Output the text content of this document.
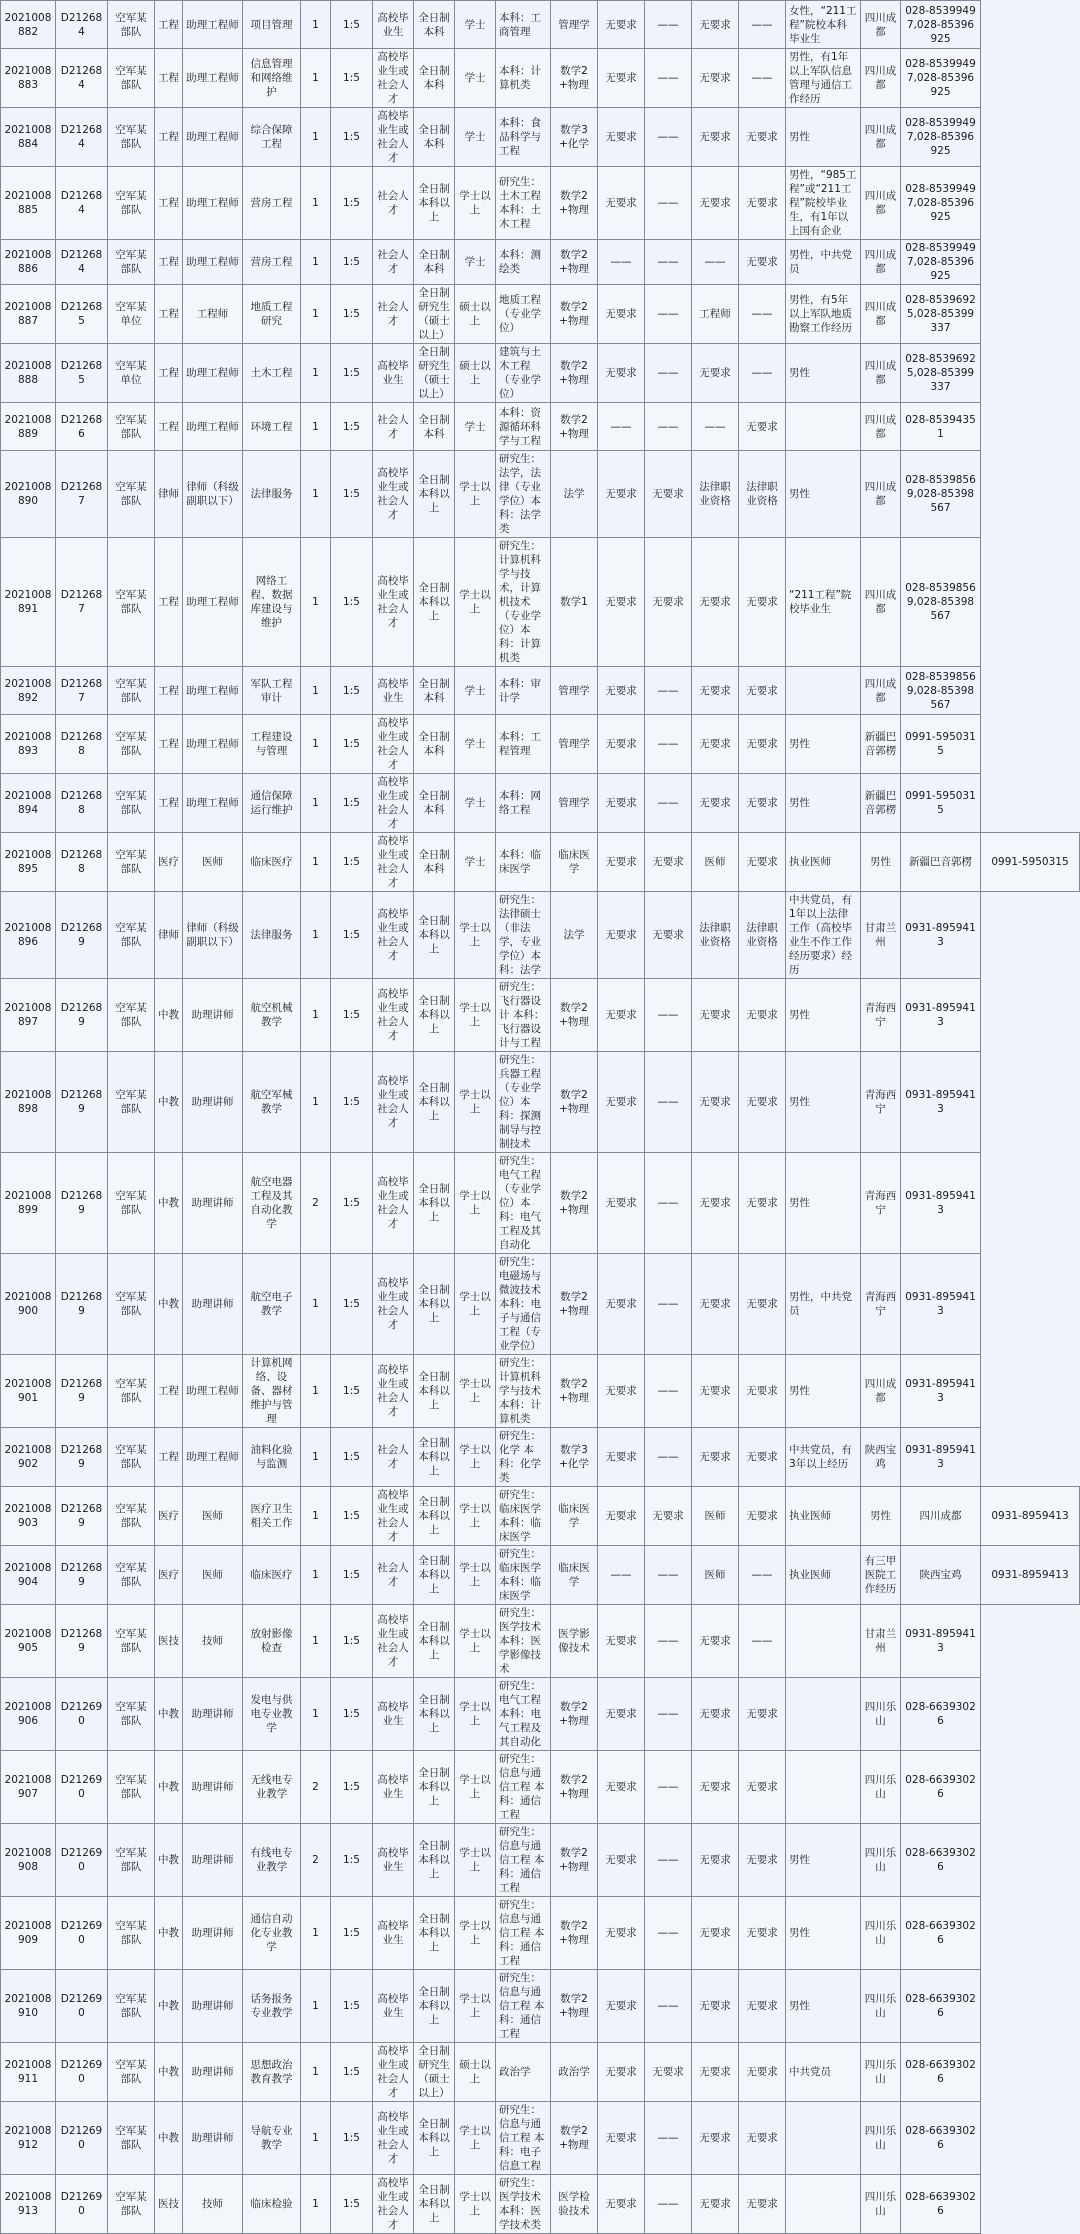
2021008882	D212684	空军某部队	工程	助理工程师	项目管理	1	1:5	高校毕业生	全日制本科	学士	本科：工商管理	管理学	无要求	——	无要求	——	女性，“211工程”院校本科毕业生	四川成都	028-85399497,028-85396925	
2021008883	D212684	空军某部队	工程	助理工程师	信息管理和网络维护	1	1:5	高校毕业生或社会人才	全日制本科	学士	本科：计算机类	数学2+物理	无要求	——	无要求	——	男性，有1年以上军队信息管理与通信工作经历	四川成都	028-85399497,028-85396925	
2021008884	D212684	空军某部队	工程	助理工程师	综合保障工程	1	1:5	高校毕业生或社会人才	全日制本科	学士	本科：食品科学与工程	数学3+化学	无要求	——	无要求	无要求	男性	四川成都	028-85399497,028-85396925	
2021008885	D212684	空军某部队	工程	助理工程师	营房工程	1	1:5	社会人才	全日制本科以上	学士以上	研究生：土木工程 本科：土木工程	数学2+物理	无要求	——	无要求	无要求	男性，“985工程”或“211工程”院校毕业生，有1年以上国有企业	四川成都	028-85399497,028-85396925	
2021008886	D212684	空军某部队	工程	助理工程师	营房工程	1	1:5	社会人才	全日制本科	学士	本科：测绘类	数学2+物理	——	——	——	无要求	男性，中共党员	四川成都	028-85399497,028-85396925	
2021008887	D212685	空军某单位	工程	工程师	地质工程研究	1	1:5	社会人才	全日制研究生（硕士以上）	硕士以上	地质工程（专业学位）	数学2+物理	无要求	——	工程师	——	男性，有5年以上军队地质勘察工作经历	四川成都	028-85396925,028-85399337	
2021008888	D212685	空军某单位	工程	助理工程师	土木工程	1	1:5	高校毕业生	全日制研究生（硕士以上）	硕士以上	建筑与土木工程（专业学位）	数学2+物理	无要求	——	无要求	——	男性	四川成都	028-85396925,028-85399337	
2021008889	D212686	空军某部队	工程	助理工程师	环境工程	1	1:5	社会人才	全日制本科	学士	本科：资源循环科学与工程	数学2+物理	——	——	——	无要求		四川成都	028-85394351	
2021008890	D212687	空军某部队	律师	律师（科级副职以下）	法律服务	1	1:5	高校毕业生或社会人才	全日制本科以上	学士以上	研究生：法学，法律（专业学位）本科：法学类	法学	无要求	无要求	法律职业资格	法律职业资格	男性	四川成都	028-85398569,028-85398567	
2021008891	D212687	空军某部队	工程	助理工程师	网络工程、数据库建设与维护	1	1:5	高校毕业生或社会人才	全日制本科以上	学士以上	研究生：计算机科学与技术，计算机技术（专业学位）本科：计算机类	数学1	无要求	无要求	无要求	无要求	“211工程”院校毕业生	四川成都	028-85398569,028-85398567	
2021008892	D212687	空军某部队	工程	助理工程师	军队工程审计	1	1:5	高校毕业生	全日制本科	学士	本科：审计学	管理学	无要求	——	无要求	无要求		四川成都	028-85398569,028-85398567	
2021008893	D212688	空军某部队	工程	助理工程师	工程建设与管理	1	1:5	高校毕业生或社会人才	全日制本科	学士	本科：工程管理	管理学	无要求	——	无要求	无要求	男性	新疆巴音郭楞	0991-5950315	
2021008894	D212688	空军某部队	工程	助理工程师	通信保障运行维护	1	1:5	高校毕业生或社会人才	全日制本科	学士	本科：网络工程	管理学	无要求	——	无要求	无要求	男性	新疆巴音郭楞	0991-5950315	
2021008895	D212688	空军某部队	医疗	医师	临床医疗	1	1:5	高校毕业生或社会人才	全日制本科	学士	本科：临床医学	临床医学	无要求	无要求	医师	无要求	执业医师	男性	新疆巴音郭楞	0991-5950315
2021008896	D212689	空军某部队	律师	律师（科级副职以下）	法律服务	1	1:5	高校毕业生或社会人才	全日制本科以上	学士以上	研究生：法律硕士（非法学，专业学位）本科：法学	法学	无要求	无要求	法律职业资格	法律职业资格	中共党员，有1年以上法律工作（高校毕业生不作工作经历要求）经历	甘肃兰州	0931-8959413	
2021008897	D212689	空军某部队	中教	助理讲师	航空机械教学	1	1:5	高校毕业生或社会人才	全日制本科以上	学士以上	研究生：飞行器设计 本科：飞行器设计与工程	数学2+物理	无要求	——	无要求	无要求	男性	青海西宁	0931-8959413	
2021008898	D212689	空军某部队	中教	助理讲师	航空军械教学	1	1:5	高校毕业生或社会人才	全日制本科以上	学士以上	研究生：兵器工程（专业学位）本科：探测制导与控制技术	数学2+物理	无要求	——	无要求	无要求	男性	青海西宁	0931-8959413	
2021008899	D212689	空军某部队	中教	助理讲师	航空电器工程及其自动化教学	2	1:5	高校毕业生或社会人才	全日制本科以上	学士以上	研究生：电气工程（专业学位）本科：电气工程及其自动化	数学2+物理	无要求	——	无要求	无要求	男性	青海西宁	0931-8959413	
2021008900	D212689	空军某部队	中教	助理讲师	航空电子教学	1	1:5	高校毕业生或社会人才	全日制本科以上	学士以上	研究生：电磁场与微波技术 本科：电子与通信工程（专业学位）	数学2+物理	无要求	——	无要求	无要求	男性，中共党员	青海西宁	0931-8959413	
2021008901	D212689	空军某部队	工程	助理工程师	计算机网络、设备、器材维护与管理	1	1:5	高校毕业生或社会人才	全日制本科以上	学士以上	研究生：计算机科学与技术 本科：计算机类	数学2+物理	无要求	——	无要求	无要求	男性	四川成都	0931-8959413	
2021008902	D212689	空军某部队	工程	助理工程师	油料化验与监测	1	1:5	社会人才	全日制本科以上	学士以上	研究生：化学 本科：化学类	数学3+化学	无要求	——	无要求	无要求	中共党员，有3年以上经历	陕西宝鸡	0931-8959413	
2021008903	D212689	空军某部队	医疗	医师	医疗卫生相关工作	1	1:5	高校毕业生或社会人才	全日制本科以上	学士以上	研究生：临床医学 本科：临床医学	临床医学	无要求	无要求	医师	无要求	执业医师	男性	四川成都	0931-8959413
2021008904	D212689	空军某部队	医疗	医师	临床医疗	1	1:5	社会人才	全日制本科以上	学士以上	研究生：临床医学 本科：临床医学	临床医学	——	——	医师	——	执业医师	有三甲医院工作经历	陕西宝鸡	0931-8959413
2021008905	D212689	空军某部队	医技	技师	放射影像检查	1	1:5	高校毕业生或社会人才	全日制本科以上	学士以上	研究生：医学技术 本科：医学影像技术	医学影像技术	无要求	——	无要求	——		甘肃兰州	0931-8959413	
2021008906	D212690	空军某部队	中教	助理讲师	发电与供电专业教学	1	1:5	高校毕业生	全日制本科以上	学士以上	研究生：电气工程 本科：电气工程及其自动化	数学2+物理	无要求	——	无要求	无要求		四川乐山	028-66393026	
2021008907	D212690	空军某部队	中教	助理讲师	无线电专业教学	2	1:5	高校毕业生	全日制本科以上	学士以上	研究生：信息与通信工程 本科：通信工程	数学2+物理	无要求	——	无要求	无要求		四川乐山	028-66393026	
2021008908	D212690	空军某部队	中教	助理讲师	有线电专业教学	2	1:5	高校毕业生	全日制本科以上	学士以上	研究生：信息与通信工程 本科：通信工程	数学2+物理	无要求	——	无要求	无要求	男性	四川乐山	028-66393026	
2021008909	D212690	空军某部队	中教	助理讲师	通信自动化专业教学	1	1:5	高校毕业生	全日制本科以上	学士以上	研究生：信息与通信工程 本科：通信工程	数学2+物理	无要求	——	无要求	无要求	男性	四川乐山	028-66393026	
2021008910	D212690	空军某部队	中教	助理讲师	话务报务专业教学	1	1:5	高校毕业生	全日制本科以上	学士以上	研究生：信息与通信工程 本科：通信工程	数学2+物理	无要求	——	无要求	无要求	男性	四川乐山	028-66393026	
2021008911	D212690	空军某部队	中教	助理讲师	思想政治教育教学	1	1:5	高校毕业生或社会人才	全日制研究生（硕士以上）	硕士以上	政治学	政治学	无要求	无要求	无要求	无要求	中共党员	四川乐山	028-66393026	
2021008912	D212690	空军某部队	中教	助理讲师	导航专业教学	1	1:5	高校毕业生或社会人才	全日制本科以上	学士以上	研究生：信息与通信工程 本科：电子信息工程	数学2+物理	无要求	——	无要求	无要求		四川乐山	028-66393026	
2021008913	D212690	空军某部队	医技	技师	临床检验	1	1:5	高校毕业生或社会人才	全日制本科以上	学士以上	研究生：医学技术 本科：医学技术类	医学检验技术	无要求	——	无要求	无要求		四川乐山	028-66393026	
